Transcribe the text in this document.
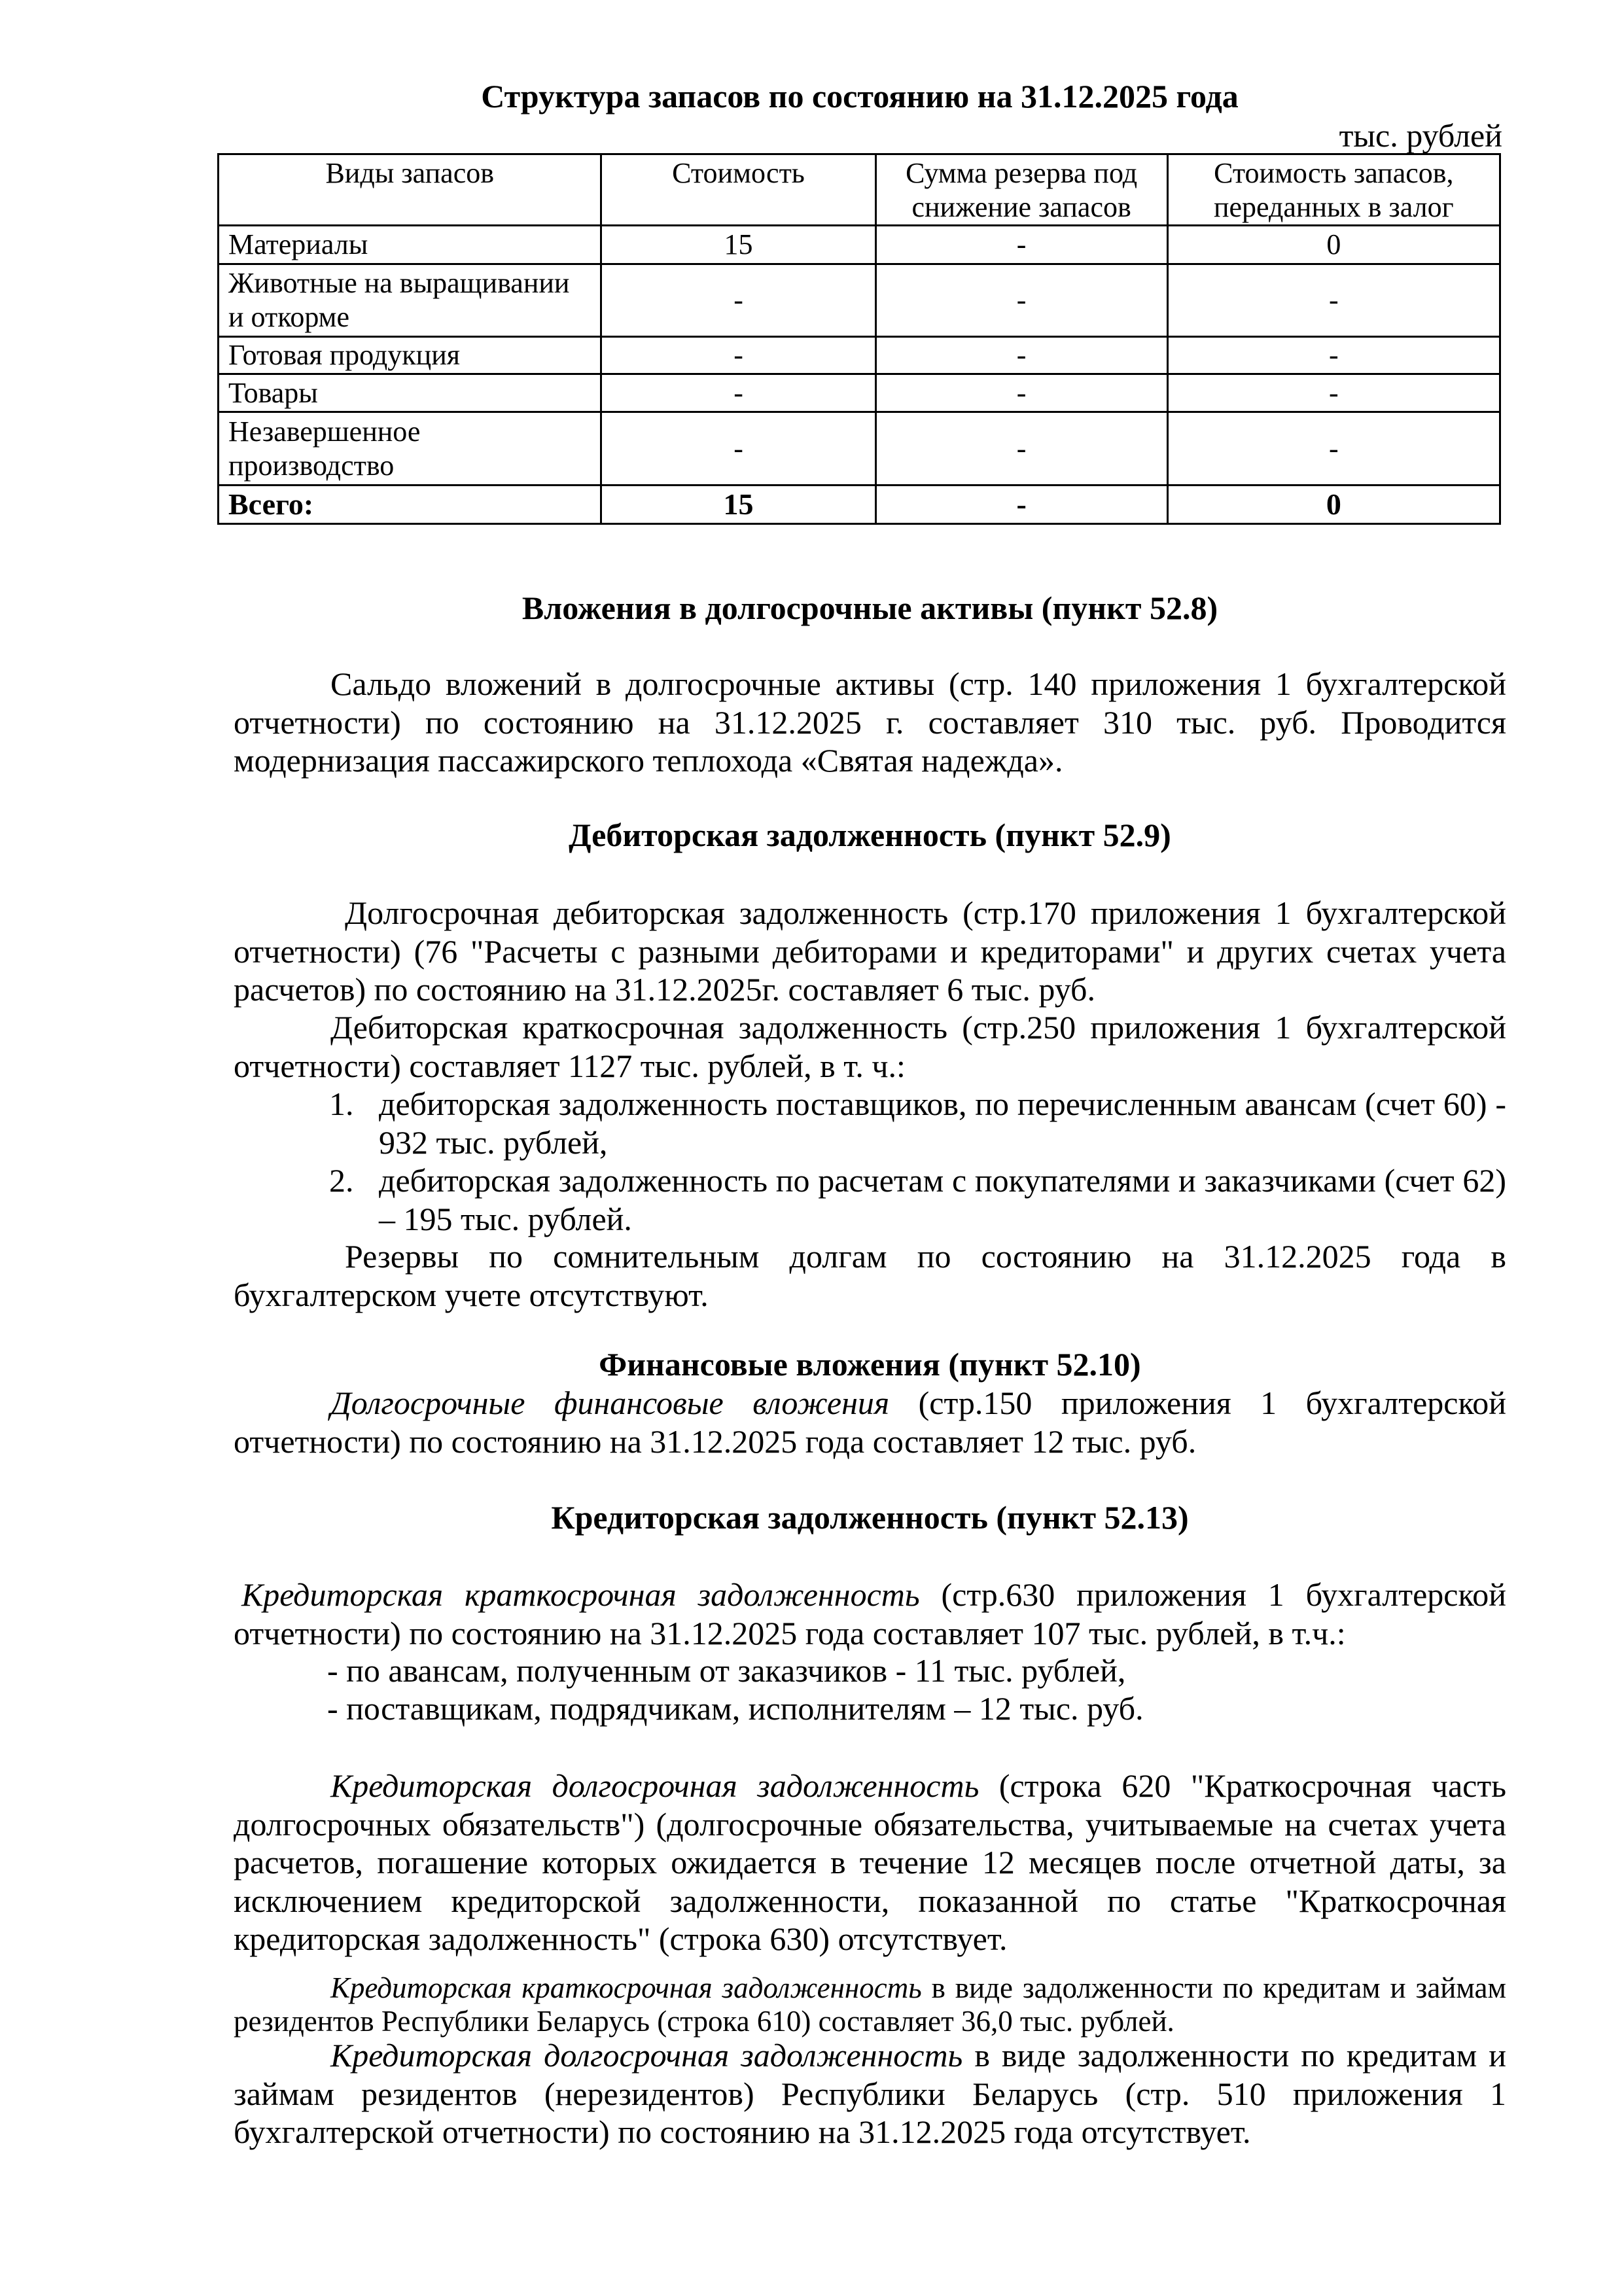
Структура запасов по состоянию на 31.12.2025 года
тыс. рублей
Виды запасов	Стоимость	Сумма резерва под снижение запасов	Стоимость запасов, переданных в залог
Материалы	15	-	0
Животные на выращивании и откорме	-	-	-
Готовая продукция	-	-	-
Товары	-	-	-
Незавершенное производство	-	-	-
Всего:	15	-	0
Вложения в долгосрочные активы (пункт 52.8)

Сальдо вложений в долгосрочные активы (стр. 140 приложения 1 бухгалтерской отчетности) по состоянию на 31.12.2025 г. составляет 310 тыс. руб. Проводится модернизация пассажирского теплохода «Святая надежда».

Дебиторская задолженность (пункт 52.9)

Долгосрочная дебиторская задолженность (стр.170 приложения 1 бухгалтерской отчетности) (76 "Расчеты с разными дебиторами и кредиторами" и других счетах учета расчетов) по состоянию на 31.12.2025г. составляет 6 тыс. руб.

Дебиторская краткосрочная задолженность (стр.250 приложения 1 бухгалтерской отчетности) составляет 1127 тыс. рублей, в т. ч.:

1. дебиторская задолженность поставщиков, по перечисленным авансам (счет 60) - 932 тыс. рублей,
2. дебиторская задолженность по расчетам с покупателями и заказчиками (счет 62) – 195 тыс. рублей.

Резервы по сомнительным долгам по состоянию на 31.12.2025 года в бухгалтерском учете отсутствуют.

Финансовые вложения (пункт 52.10)

Долгосрочные финансовые вложения (стр.150 приложения 1 бухгалтерской отчетности) по состоянию на 31.12.2025 года составляет 12 тыс. руб.

Кредиторская задолженность (пункт 52.13)

Кредиторская краткосрочная задолженность (стр.630 приложения 1 бухгалтерской отчетности) по состоянию на 31.12.2025 года составляет 107 тыс. рублей, в т.ч.:

- по авансам, полученным от заказчиков - 11 тыс. рублей,
- поставщикам, подрядчикам, исполнителям – 12 тыс. руб.

Кредиторская долгосрочная задолженность (строка 620 "Краткосрочная часть долгосрочных обязательств") (долгосрочные обязательства, учитываемые на счетах учета расчетов, погашение которых ожидается в течение 12 месяцев после отчетной даты, за исключением кредиторской задолженности, показанной по статье "Краткосрочная кредиторская задолженность" (строка 630) отсутствует.

Кредиторская краткосрочная задолженность в виде задолженности по кредитам и займам резидентов Республики Беларусь (строка 610) составляет 36,0 тыс. рублей.

Кредиторская долгосрочная задолженность в виде задолженности по кредитам и займам резидентов (нерезидентов) Республики Беларусь (стр. 510 приложения 1 бухгалтерской отчетности) по состоянию на 31.12.2025 года отсутствует.
